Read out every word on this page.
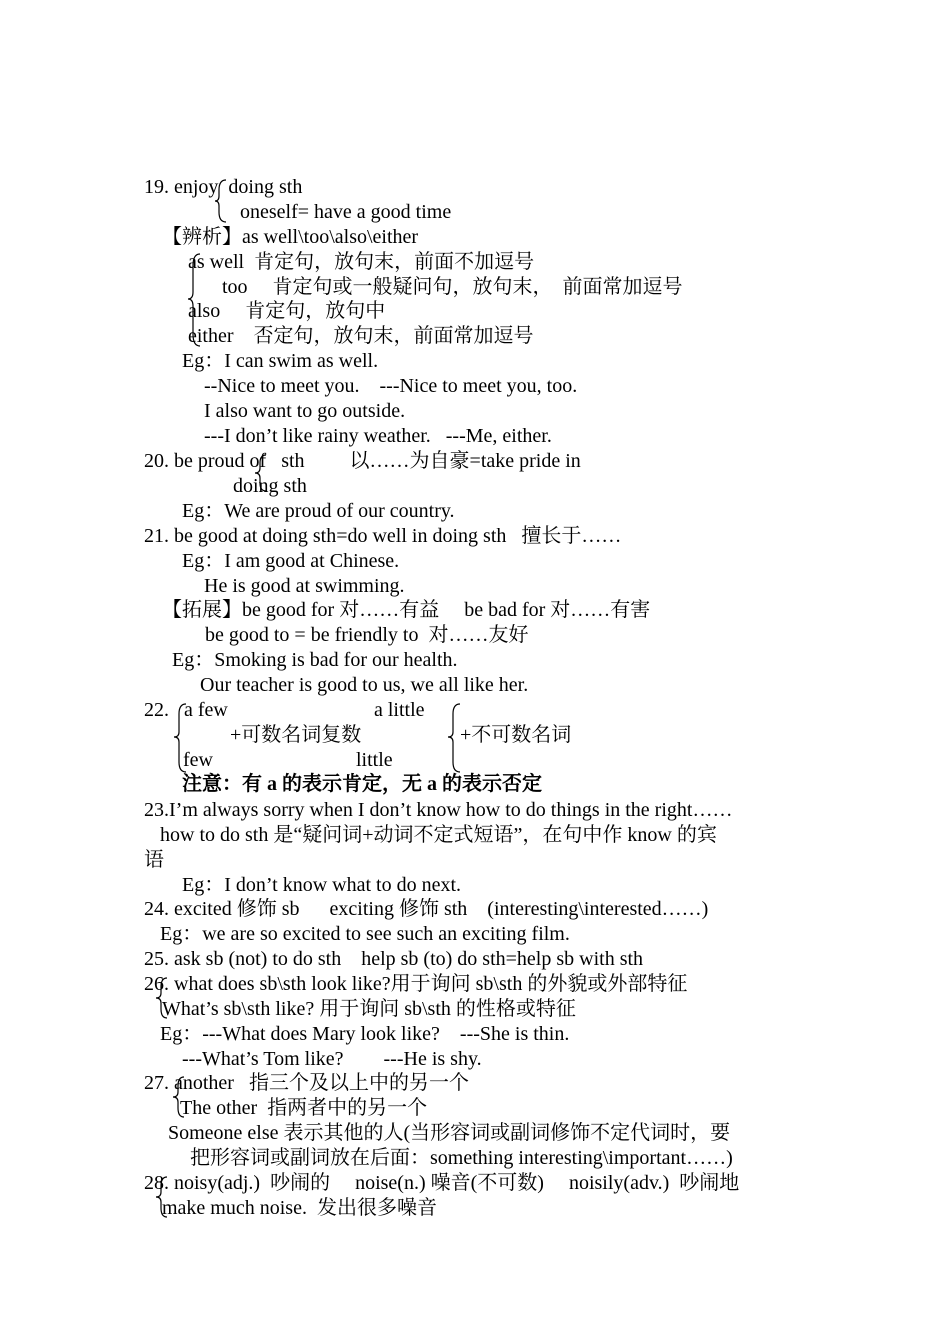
19. enjoy  doing sth
oneself= have a good time
【辨析】as well\too\also\either
as well  肯定句，放句末，前面不加逗号
too     肯定句或一般疑问句，放句末，  前面常加逗号
also     肯定句，放句中
either    否定句，放句末，前面常加逗号
Eg：I can swim as well.
--Nice to meet you.    ---Nice to meet you, too.
I also want to go outside.
---I don’t like rainy weather.   ---Me, either.
20. be proud of   sth         以……为自豪=take pride in
doing sth
Eg：We are proud of our country.
21. be good at doing sth=do well in doing sth   擅长于……
Eg：I am good at Chinese.
He is good at swimming.
【拓展】be good for 对……有益     be bad for 对……有害
be good to = be friendly to  对……友好
Eg：Smoking is bad for our health.
Our teacher is good to us, we all like her.
22.   a few	a little
+可数名词复数	+不可数名词
few	little
注意：有 a 的表示肯定，无 a 的表示否定
23.I’m always sorry when I don’t know how to do things in the right……
how to do sth 是“疑问词+动词不定式短语”，在句中作 know 的宾
语
Eg：I don’t know what to do next.
24. excited 修饰 sb      exciting 修饰 sth    (interesting\interested……)
Eg：we are so excited to see such an exciting film.
25. ask sb (not) to do sth    help sb (to) do sth=help sb with sth
26. what does sb\sth look like?用于询问 sb\sth 的外貌或外部特征
What’s sb\sth like? 用于询问 sb\sth 的性格或特征
Eg：---What does Mary look like?    ---She is thin.
---What’s Tom like?        ---He is shy.
27. another   指三个及以上中的另一个
The other  指两者中的另一个
Someone else 表示其他的人(当形容词或副词修饰不定代词时，要
把形容词或副词放在后面：something interesting\important……)
28. noisy(adj.)  吵闹的     noise(n.) 噪音(不可数)     noisily(adv.)  吵闹地
make much noise.  发出很多噪音
